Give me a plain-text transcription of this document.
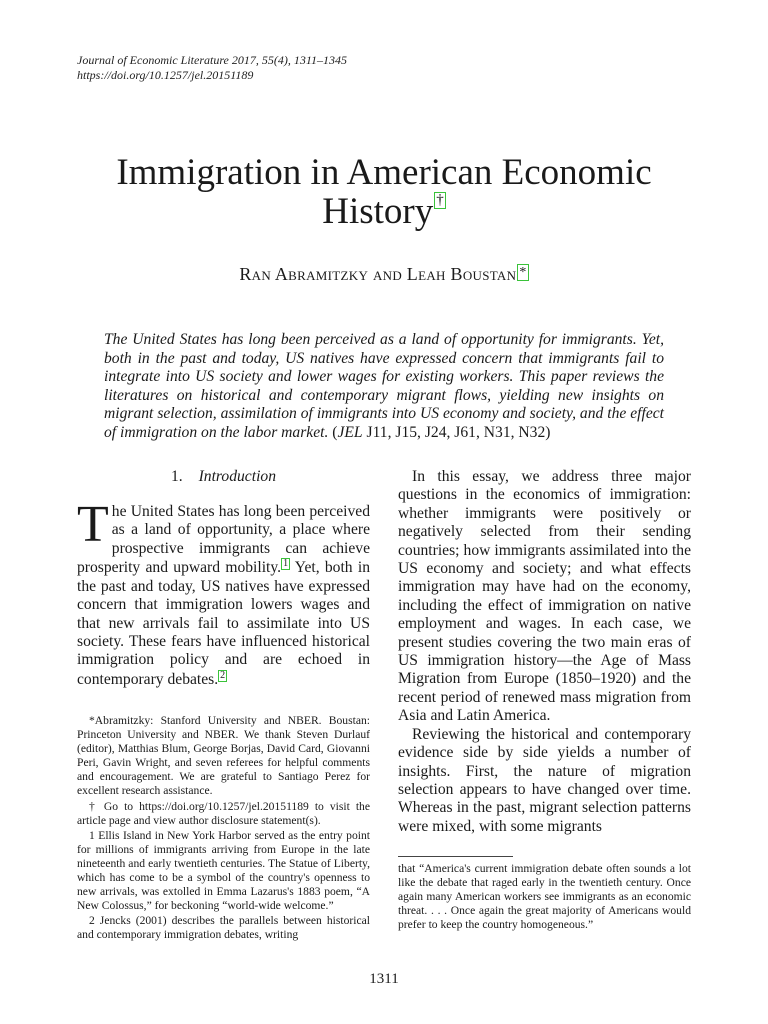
Journal of Economic Literature 2017, 55(4), 1311–1345
https://doi.org/10.1257/jel.20151189
Immigration in American Economic
History †
Ran Abramitzky and Leah Boustan *
The United States has long been perceived as a land of opportunity for immigrants. Yet, both in the past and today, US natives have expressed concern that immigrants fail to integrate into US society and lower wages for existing workers. This paper reviews the literatures on historical and contemporary migrant flows, yielding new insights on migrant selection, assimilation of immigrants into US economy and society, and the effect of immigration on the labor market. (JEL J11, J15, J24, J61, N31, N32)
1. Introduction

The United States has long been perceived as a land of opportunity, a place where prospective immigrants can achieve prosperity and upward mobility. 1 Yet, both in the past and today, US natives have expressed concern that immigration lowers wages and that new arrivals fail to assimilate into US society. These fears have influenced historical immigration policy and are echoed in contemporary debates. 2

*Abramitzky: Stanford University and NBER. Boustan: Princeton University and NBER. We thank Steven Durlauf (editor), Matthias Blum, George Borjas, David Card, Giovanni Peri, Gavin Wright, and seven referees for helpful comments and encouragement. We are grateful to Santiago Perez for excellent research assistance.

† Go to https://doi.org/10.1257/jel.20151189 to visit the article page and view author disclosure statement(s).

1 Ellis Island in New York Harbor served as the entry point for millions of immigrants arriving from Europe in the late nineteenth and early twentieth centuries. The Statue of Liberty, which has come to be a symbol of the country's openness to new arrivals, was extolled in Emma Lazarus's 1883 poem, “A New Colossus,” for beckoning “world-wide welcome.”

2 Jencks (2001) describes the parallels between historical and contemporary immigration debates, writing

In this essay, we address three major questions in the economics of immigration: whether immigrants were positively or negatively selected from their sending countries; how immigrants assimilated into the US economy and society; and what effects immigration may have had on the economy, including the effect of immigration on native employment and wages. In each case, we present studies covering the two main eras of US immigration history—the Age of Mass Migration from Europe (1850–1920) and the recent period of renewed mass migration from Asia and Latin America.

Reviewing the historical and contemporary evidence side by side yields a number of insights. First, the nature of migration selection appears to have changed over time. Whereas in the past, migrant selection patterns were mixed, with some migrants

that “America's current immigration debate often sounds a lot like the debate that raged early in the twentieth century. Once again many American workers see immigrants as an economic threat. . . . Once again the great majority of Americans would prefer to keep the country homogeneous.”
1311
